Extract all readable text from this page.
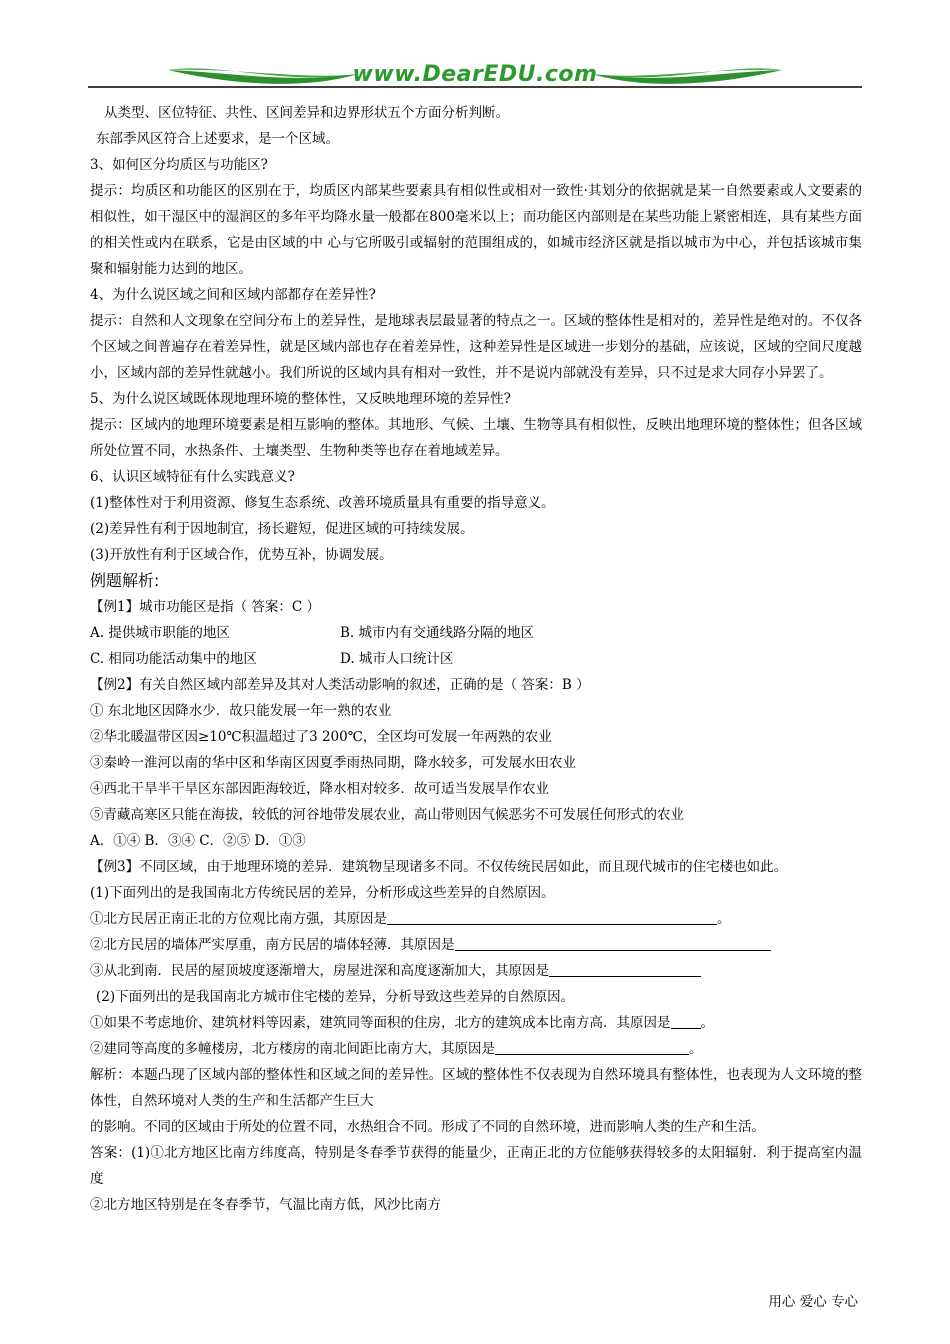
www.DearEDU.com
从类型、区位特征、共性、区间差异和边界形状五个方面分析判断。
东部季风区符合上述要求，是一个区域。
3、如何区分均质区与功能区?
提示：均质区和功能区的区别在于，均质区内部某些要素具有相似性或相对一致性·其划分的依据就是某一自然要素或人文要素的相似性，如干湿区中的湿润区的多年平均降水量一般都在800毫米以上；而功能区内部则是在某些功能上紧密相连，具有某些方面的相关性或内在联系，它是由区域的中 心与它所吸引或辐射的范围组成的，如城市经济区就是指以城市为中心，并包括该城市集聚和辐射能力达到的地区。
4、为什么说区域之间和区域内部都存在差异性?
提示：自然和人文现象在空间分布上的差异性，是地球表层最显著的特点之一。区域的整体性是相对的，差异性是绝对的。不仅各个区域之间普遍存在着差异性，就是区域内部也存在着差异性，这种差异性是区域进一步划分的基础，应该说，区域的空间尺度越小，区域内部的差异性就越小。我们所说的区域内具有相对一致性，并不是说内部就没有差异，只不过是求大同存小异罢了。
5、为什么说区域既体现地理环境的整体性，又反映地理环境的差异性?
提示：区域内的地理环境要素是相互影响的整体。其地形、气候、土壤、生物等具有相似性，反映出地理环境的整体性；但各区域所处位置不同，水热条件、土壤类型、生物种类等也存在着地域差异。
6、认识区域特征有什么实践意义?
(1)整体性对于利用资源、修复生态系统、改善环境质量具有重要的指导意义。
(2)差异性有利于因地制宜，扬长避短，促进区域的可持续发展。
(3)开放性有利于区域合作，优势互补，协调发展。
例题解析:
【例1】城市功能区是指（ 答案：C ）
A. 提供城市职能的地区	B. 城市内有交通线路分隔的地区
C. 相同功能活动集中的地区	D. 城市人口统计区
【例2】有关自然区域内部差异及其对人类活动影响的叙述，正确的是（ 答案：B ）
① 东北地区因降水少．故只能发展一年一熟的农业
②华北暖温带区因≥10℃积温超过了3 200℃，全区均可发展一年两熟的农业
③秦岭一淮河以南的华中区和华南区因夏季雨热同期，降水较多，可发展水田农业
④西北干旱半干旱区东部因距海较近，降水相对较多．故可适当发展旱作农业
⑤青藏高寒区只能在海拔，较低的河谷地带发展农业，高山带则因气候恶劣不可发展任何形式的农业
A．①④ B．③④ C．②⑤ D．①③
【例3】不同区域，由于地理环境的差异．建筑物呈现诸多不同。不仅传统民居如此，而且现代城市的住宅楼也如此。
(1)下面列出的是我国南北方传统民居的差异，分析形成这些差异的自然原因。
①北方民居正南正北的方位观比南方强，其原因是	。
②北方民居的墙体严实厚重，南方民居的墙体轻薄．其原因是
③从北到南．民居的屋顶坡度逐渐增大，房屋进深和高度逐渐加大，其原因是
(2)下面列出的是我国南北方城市住宅楼的差异，分析导致这些差异的自然原因。
①如果不考虑地价、建筑材料等因素，建筑同等面积的住房，北方的建筑成本比南方高．其原因是 。
②建同等高度的多幢楼房，北方楼房的南北间距比南方大，其原因是	。
解析：本题凸现了区域内部的整体性和区域之间的差异性。区域的整体性不仅表现为自然环境具有整体性，也表现为人文环境的整体性，自然环境对人类的生产和生活都产生巨大
的影响。不同的区域由于所处的位置不同，水热组合不同。形成了不同的自然环境，进而影响人类的生产和生活。
答案：(1)①北方地区比南方纬度高，特别是冬春季节获得的能量少，正南正北的方位能够获得较多的太阳辐射．利于提高室内温度
②北方地区特别是在冬春季节，气温比南方低，风沙比南方
用心 爱心 专心
